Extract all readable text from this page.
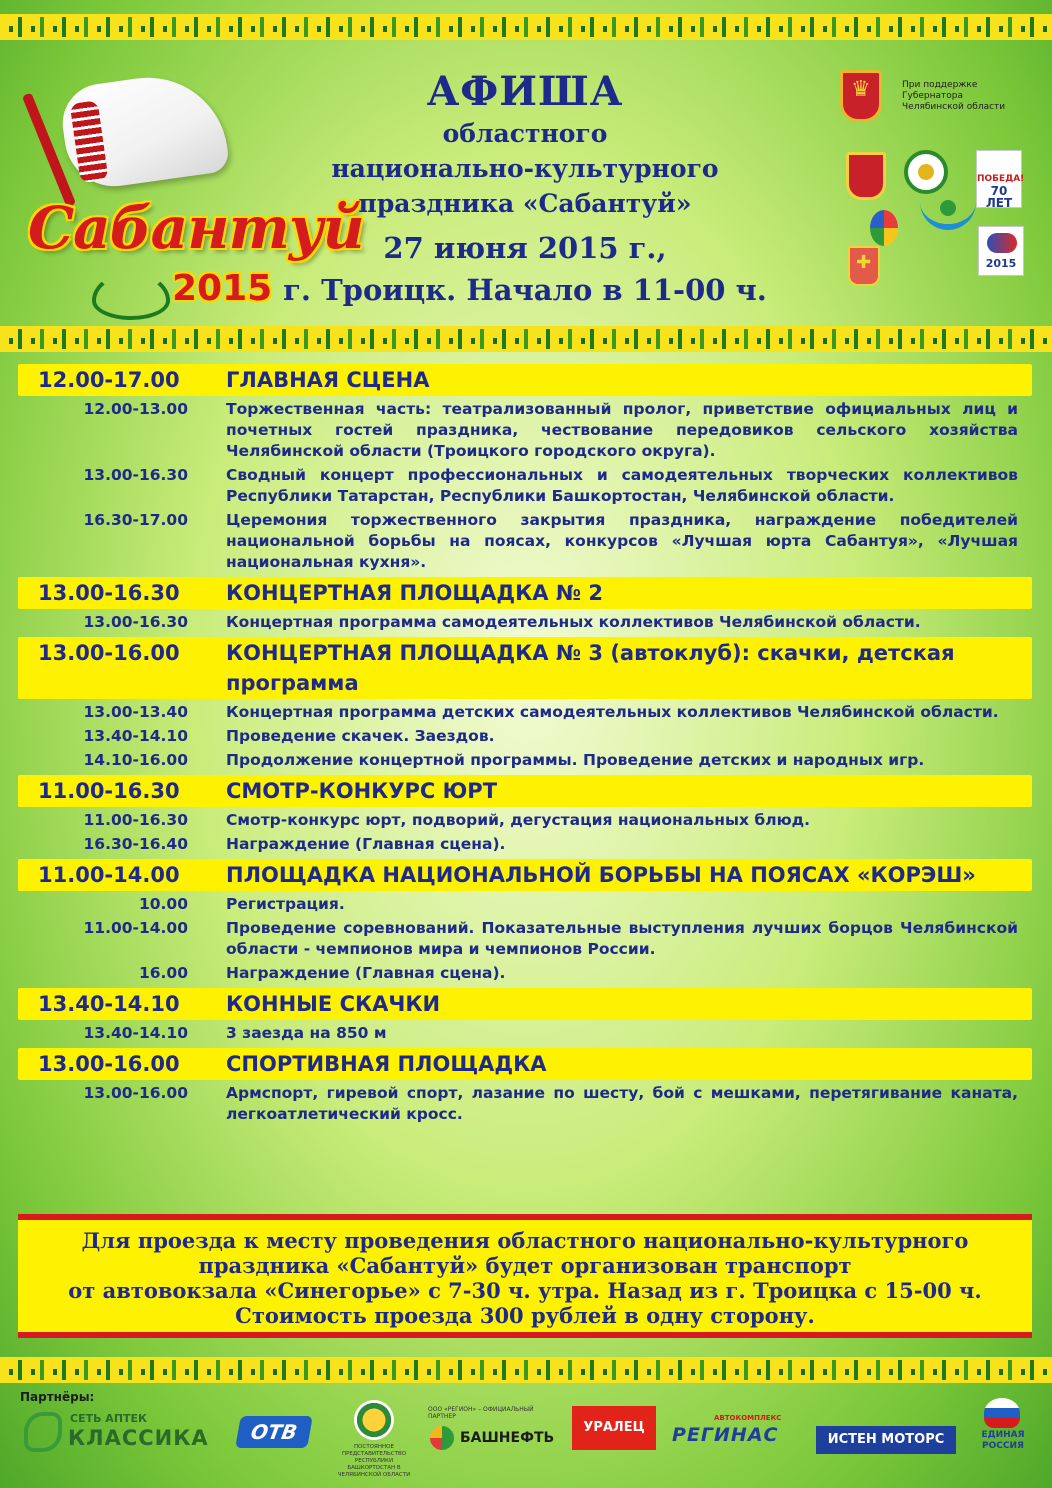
Сабантуй
2015
АФИША
областного
национально-культурного
праздника «Сабантуй»
27 июня 2015 г.,
г. Троицк. Начало в 11-00 ч.
♛
При поддержке Губернатора Челябинской области
ПОБЕДА!
70 ЛЕТ
✚
2015
12.00-17.00	ГЛАВНАЯ СЦЕНА
12.00-13.00	Торжественная часть: театрализованный пролог, приветствие официальных лиц и почетных гостей праздника, чествование передовиков сельского хозяйства Челябинской области (Троицкого городского округа).
13.00-16.30	Сводный концерт профессиональных и самодеятельных творческих коллективов Республики Татарстан, Республики Башкортостан, Челябинской области.
16.30-17.00	Церемония торжественного закрытия праздника, награждение победителей национальной борьбы на поясах, конкурсов «Лучшая юрта Сабантуя», «Лучшая национальная кухня».
13.00-16.30	КОНЦЕРТНАЯ ПЛОЩАДКА № 2
13.00-16.30	Концертная программа самодеятельных коллективов Челябинской области.
13.00-16.00	КОНЦЕРТНАЯ ПЛОЩАДКА № 3 (автоклуб): скачки, детская программа
13.00-13.40	Концертная программа детских самодеятельных коллективов Челябинской области.
13.40-14.10	Проведение скачек. Заездов.
14.10-16.00	Продолжение концертной программы. Проведение детских и народных игр.
11.00-16.30	СМОТР-КОНКУРС ЮРТ
11.00-16.30	Смотр-конкурс юрт, подворий, дегустация национальных блюд.
16.30-16.40	Награждение (Главная сцена).
11.00-14.00	ПЛОЩАДКА НАЦИОНАЛЬНОЙ БОРЬБЫ НА ПОЯСАХ «КОРЭШ»
10.00	Регистрация.
11.00-14.00	Проведение соревнований. Показательные выступления лучших борцов Челябинской области - чемпионов мира и чемпионов России.
16.00	Награждение (Главная сцена).
13.40-14.10	КОННЫЕ СКАЧКИ
13.40-14.10	3 заезда на 850 м
13.00-16.00	СПОРТИВНАЯ ПЛОЩАДКА
13.00-16.00	Армспорт, гиревой спорт, лазание по шесту, бой с мешками, перетягивание каната, легкоатлетический кросс.
Для проезда к месту проведения областного национально-культурного
праздника «Сабантуй» будет организован транспорт
от автовокзала «Синегорье» с 7-30 ч. утра. Назад из г. Троицка с 15-00 ч.
Стоимость проезда 300 рублей в одну сторону.
Партнёры:
СЕТЬ АПТЕК
КЛАССИКА	ОТВ
ПОСТОЯННОЕ ПРЕДСТАВИТЕЛЬСТВО РЕСПУБЛИКИ БАШКОРТОСТАН В ЧЕЛЯБИНСКОЙ ОБЛАСТИ
ООО «РЕГИОН» – ОФИЦИАЛЬНЫЙ ПАРТНЕР
БАШНЕФТЬ
УРАЛЕЦ
АВТОКОМПЛЕКС
РЕГИНАС	ИСТЕН МОТОРС	ЕДИНАЯ РОССИЯ
